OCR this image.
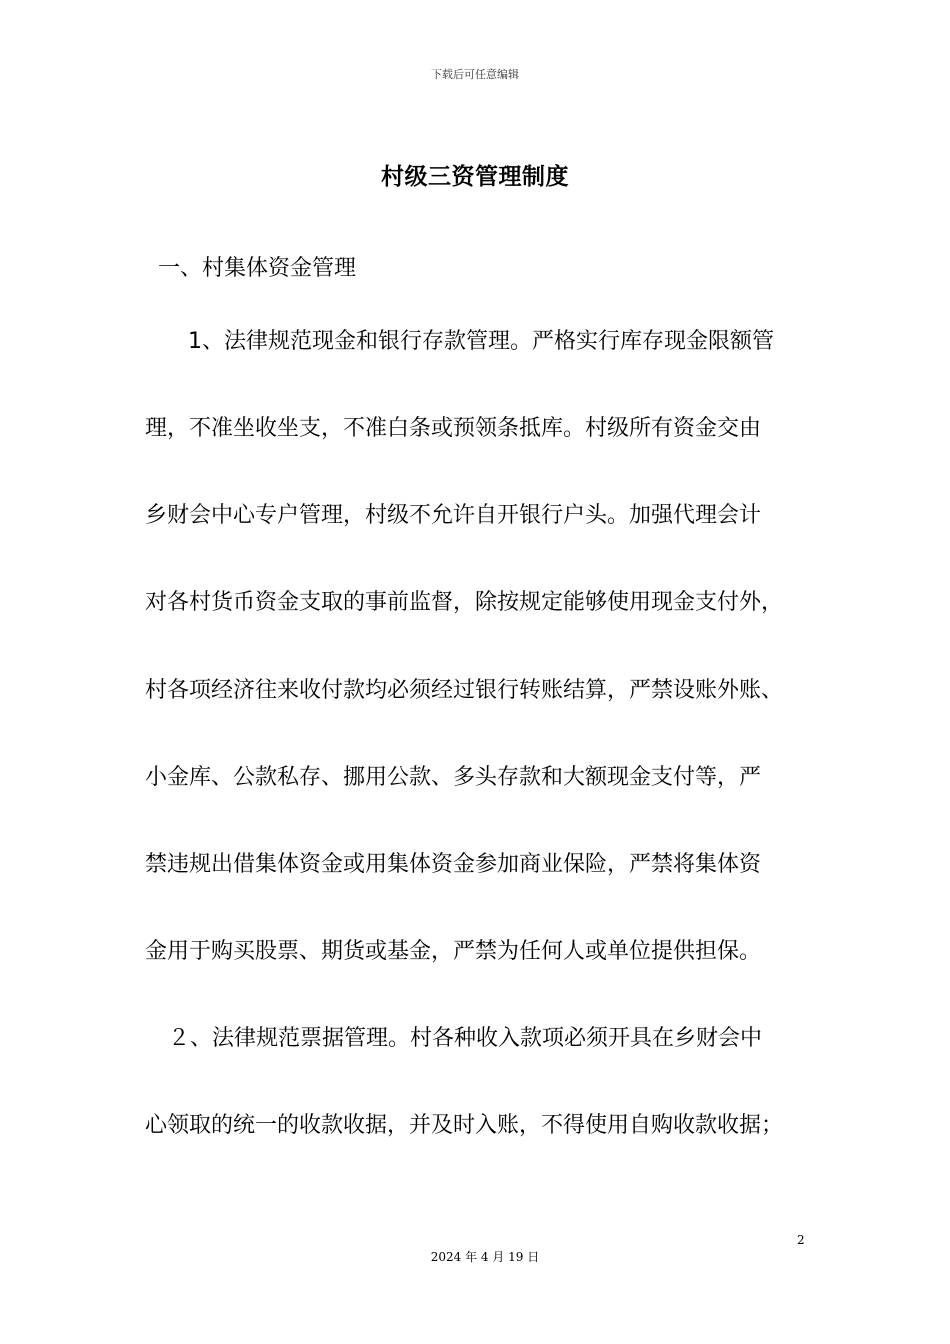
下载后可任意编辑
村级三资管理制度
一、村集体资金管理
1、法律规范现金和银行存款管理。严格实行库存现金限额管
理，不准坐收坐支，不准白条或预领条抵库。村级所有资金交由
乡财会中心专户管理，村级不允许自开银行户头。加强代理会计
对各村货币资金支取的事前监督，除按规定能够使用现金支付外，
村各项经济往来收付款均必须经过银行转账结算，严禁设账外账、
小金库、公款私存、挪用公款、多头存款和大额现金支付等，严
禁违规出借集体资金或用集体资金参加商业保险，严禁将集体资
金用于购买股票、期货或基金，严禁为任何人或单位提供担保。
２、法律规范票据管理。村各种收入款项必须开具在乡财会中
心领取的统一的收款收据，并及时入账，不得使用自购收款收据；
2
2024 年 4 月 19 日
